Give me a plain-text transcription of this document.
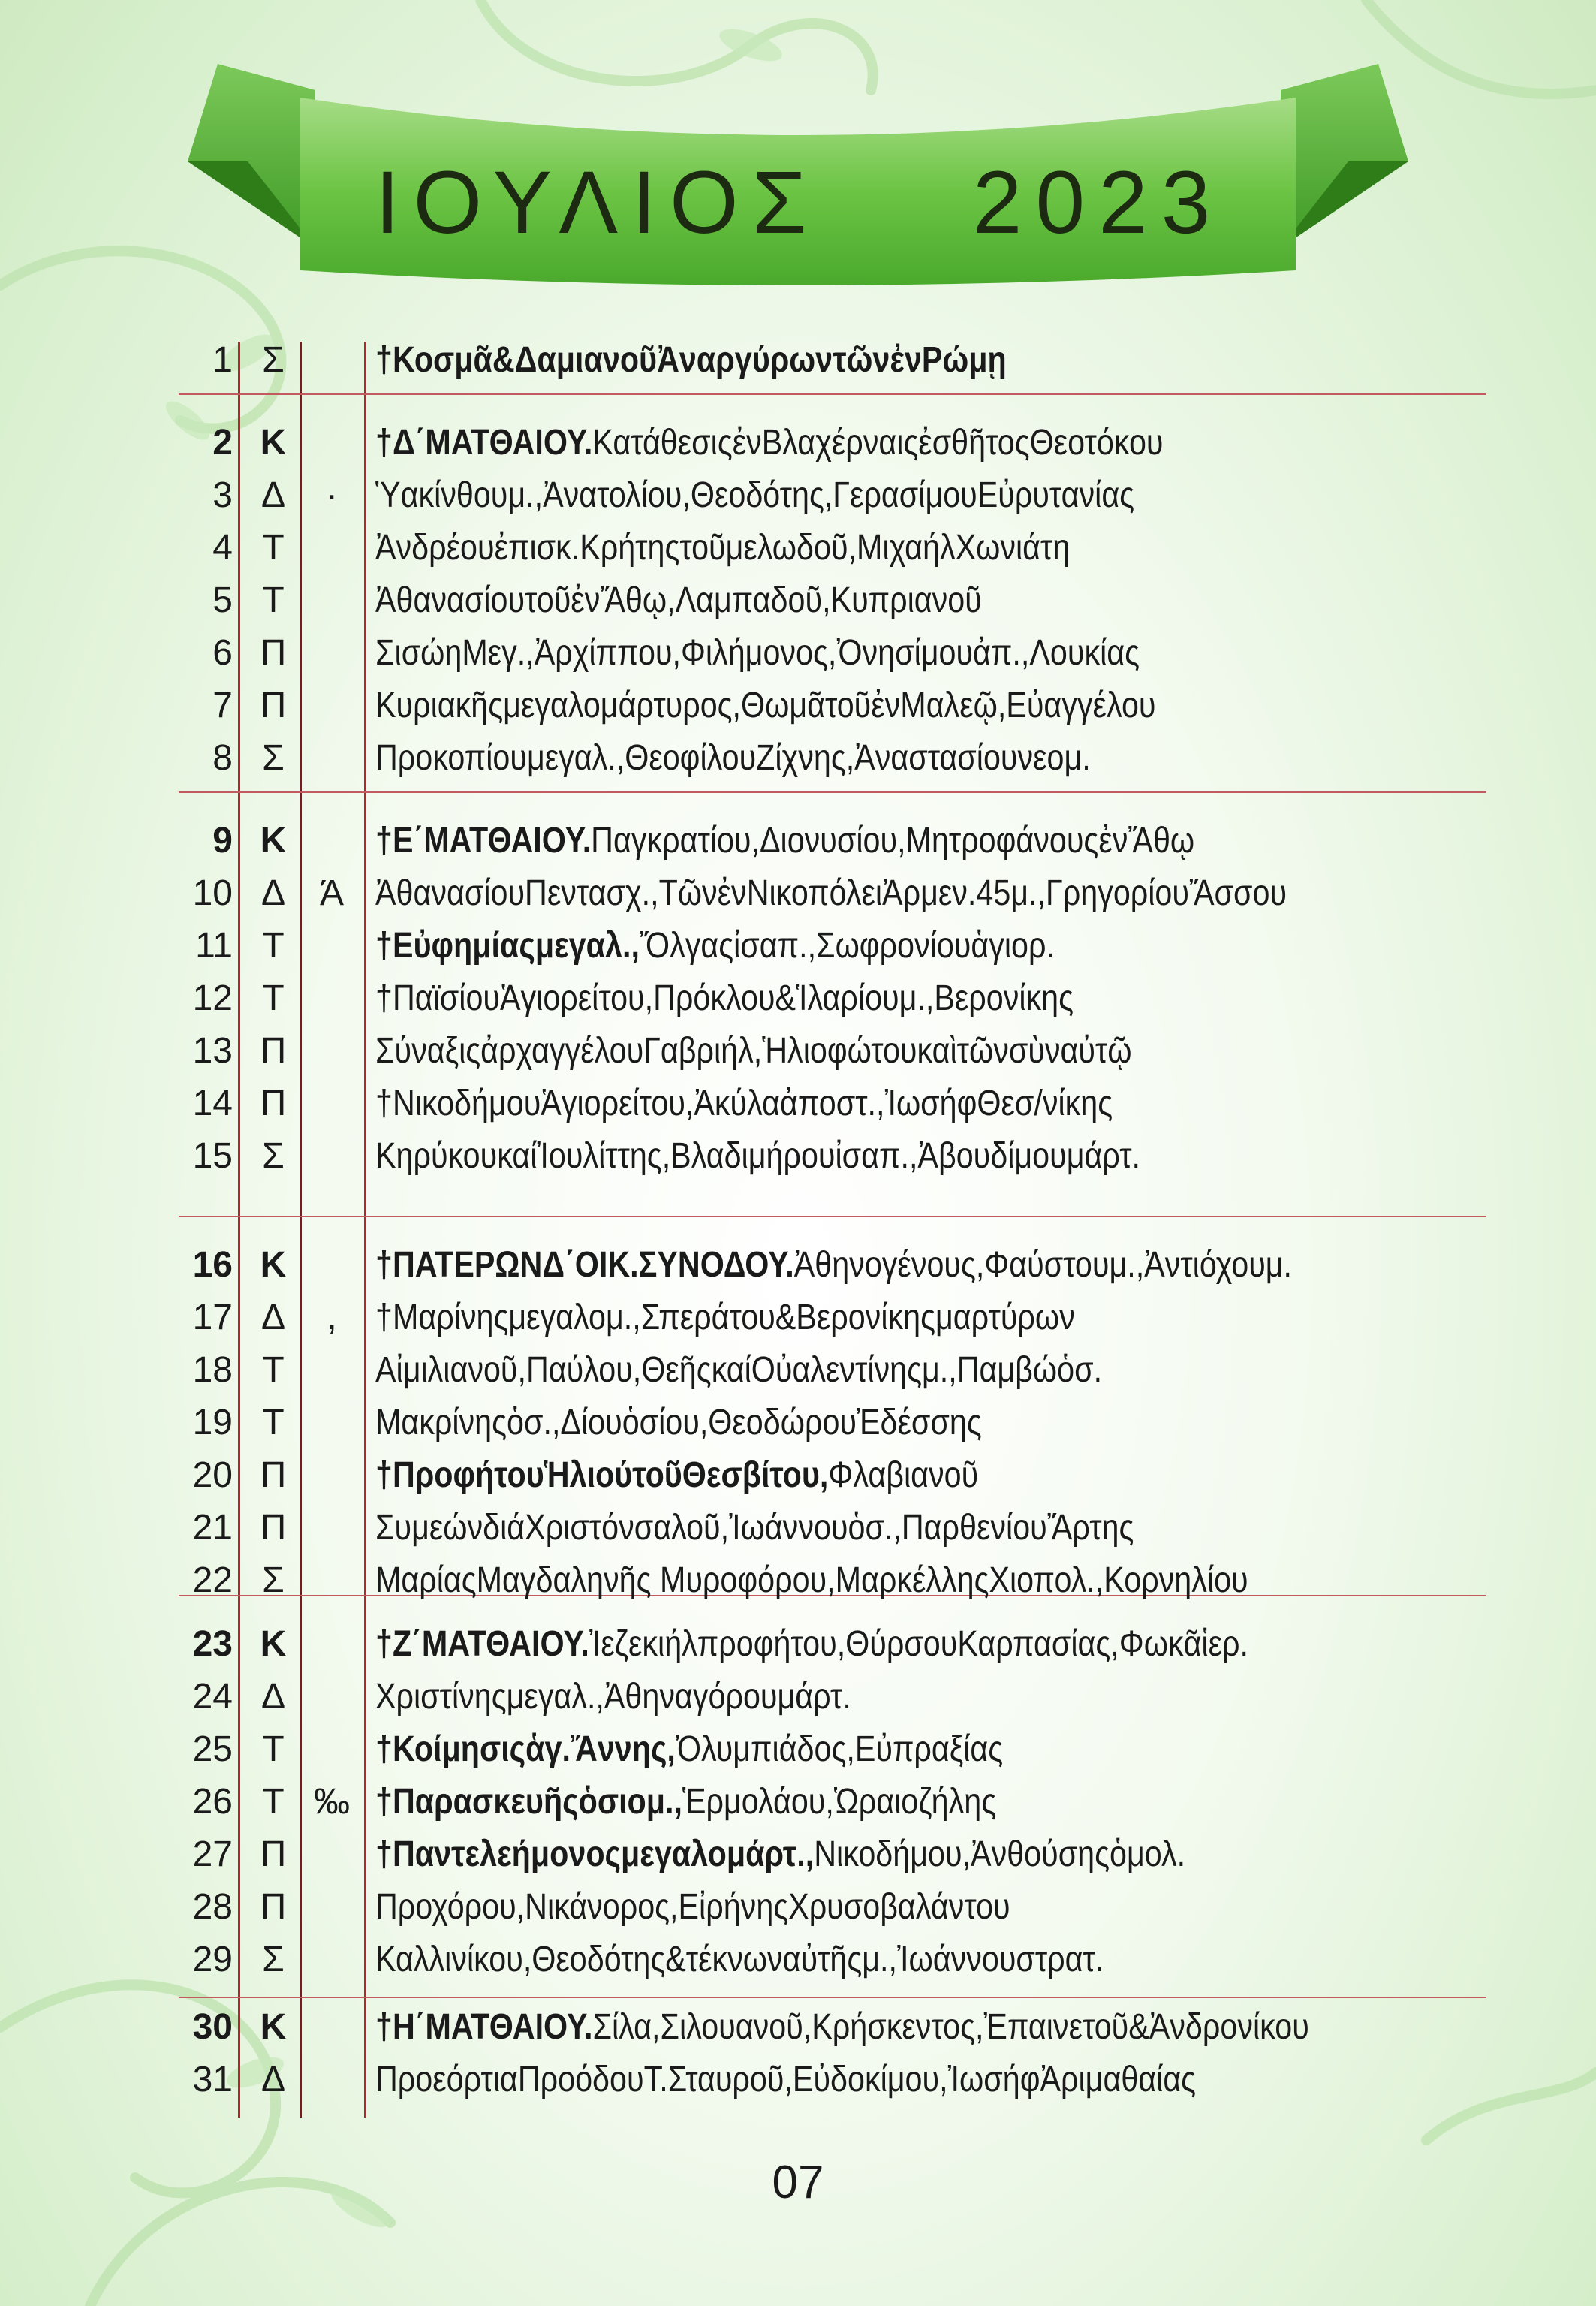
ΙΟΥΛΙΟΣ    2023
1 Σ	†Κοσμᾶ&ΔαμιανοῦἈναργύρωντῶνἐνΡώμῃ
2 Κ	†Δ΄ΜΑΤΘΑΙΟΥ.ΚατάθεσιςἐνΒλαχέρναιςἐσθῆτοςΘεοτόκου
3 Δ	·	Ὑακίνθουμ.,Ἀνατολίου,Θεοδότης,ΓερασίμουΕὐρυτανίας
4 Τ	Ἀνδρέουἐπισκ.Κρήτηςτοῦμελωδοῦ,ΜιχαήλΧωνιάτη
5 Τ	ἈθανασίουτοῦἐνἌθῳ,Λαμπαδοῦ,Κυπριανοῦ
6 Π	ΣισώηΜεγ.,Ἀρχίππου,Φιλήμονος,Ὀνησίμουἀπ.,Λουκίας
7 Π	Κυριακῆςμεγαλομάρτυρος,ΘωμᾶτοῦἐνΜαλεῷ,Εὐαγγέλου
8 Σ	Προκοπίουμεγαλ.,ΘεοφίλουΖίχνης,Ἀναστασίουνεομ.
9 Κ	†Ε΄ΜΑΤΘΑΙΟΥ.Παγκρατίου,Διονυσίου,ΜητροφάνουςἐνἌθῳ
10 Δ Ά ἈθανασίουΠεντασχ.,ΤῶνἐνΝικοπόλειἈρμεν.45μ.,ΓρηγορίουἌσσου
11 Τ	†Εὐφημίαςμεγαλ.,Ὄλγαςἰσαπ.,Σωφρονίουἁγιορ.
12 Τ	†ΠαϊσίουἉγιορείτου,Πρόκλου&Ἱλαρίουμ.,Βερονίκης
13 Π	ΣύναξιςἀρχαγγέλουΓαβριήλ,Ἡλιοφώτουκαὶτῶνσὺναὐτῷ
14 Π	†ΝικοδήμουἉγιορείτου,Ἀκύλαἀποστ.,ἸωσήφΘεσ/νίκης
15 Σ	ΚηρύκουκαίἸουλίττης,Βλαδιμήρουἰσαπ.,Ἀβουδίμουμάρτ.
16 Κ	†ΠΑΤΕΡΩΝΔ΄ΟΙΚ.ΣΥΝΟΔΟΥ.Ἀθηνογένους,Φαύστουμ.,Ἀντιόχουμ.
17 Δ	,	†Μαρίνηςμεγαλομ.,Σπεράτου&Βερονίκηςμαρτύρων
18 Τ	Αἰμιλιανοῦ,Παύλου,ΘεῆςκαίΟὐαλεντίνηςμ.,Παμβώὁσ.
19 Τ	Μακρίνηςὁσ.,Δίουὁσίου,ΘεοδώρουἘδέσσης
20 Π	†ΠροφήτουἩλιούτοῦΘεσβίτου,Φλαβιανοῦ
21 Π	ΣυμεώνδιάΧριστόνσαλοῦ,Ἰωάννουὁσ.,ΠαρθενίουἌρτης
22 Σ	ΜαρίαςΜαγδαληνῆς Μυροφόρου,ΜαρκέλληςΧιοπολ.,Κορνηλίου
23 Κ	†Ζ΄ΜΑΤΘΑΙΟΥ.Ἰεζεκιήλπροφήτου,ΘύρσουΚαρπασίας,Φωκᾶἱερ.
24 Δ	Χριστίνηςμεγαλ.,Ἀθηναγόρουμάρτ.
25 Τ	†Κοίμησιςἁγ.Ἄννης,Ὀλυμπιάδος,Εὐπραξίας
26 Τ ‰ †Παρασκευῆςὁσιομ.,Ἑρμολάου,Ὡραιοζήλης
27 Π	†Παντελεήμονοςμεγαλομάρτ.,Νικοδήμου,Ἀνθούσηςὁμολ.
28 Π	Προχόρου,Νικάνορος,ΕἰρήνηςΧρυσοβαλάντου
29 Σ	Καλλινίκου,Θεοδότης&τέκνωναὐτῆςμ.,Ἰωάννουστρατ.
30 Κ	†Η΄ΜΑΤΘΑΙΟΥ.Σίλα,Σιλουανοῦ,Κρήσκεντος,Ἐπαινετοῦ&Ἀνδρονίκου
31 Δ	ΠροεόρτιαΠροόδουΤ.Σταυροῦ,Εὐδοκίμου,ἸωσήφἈριμαθαίας
07
